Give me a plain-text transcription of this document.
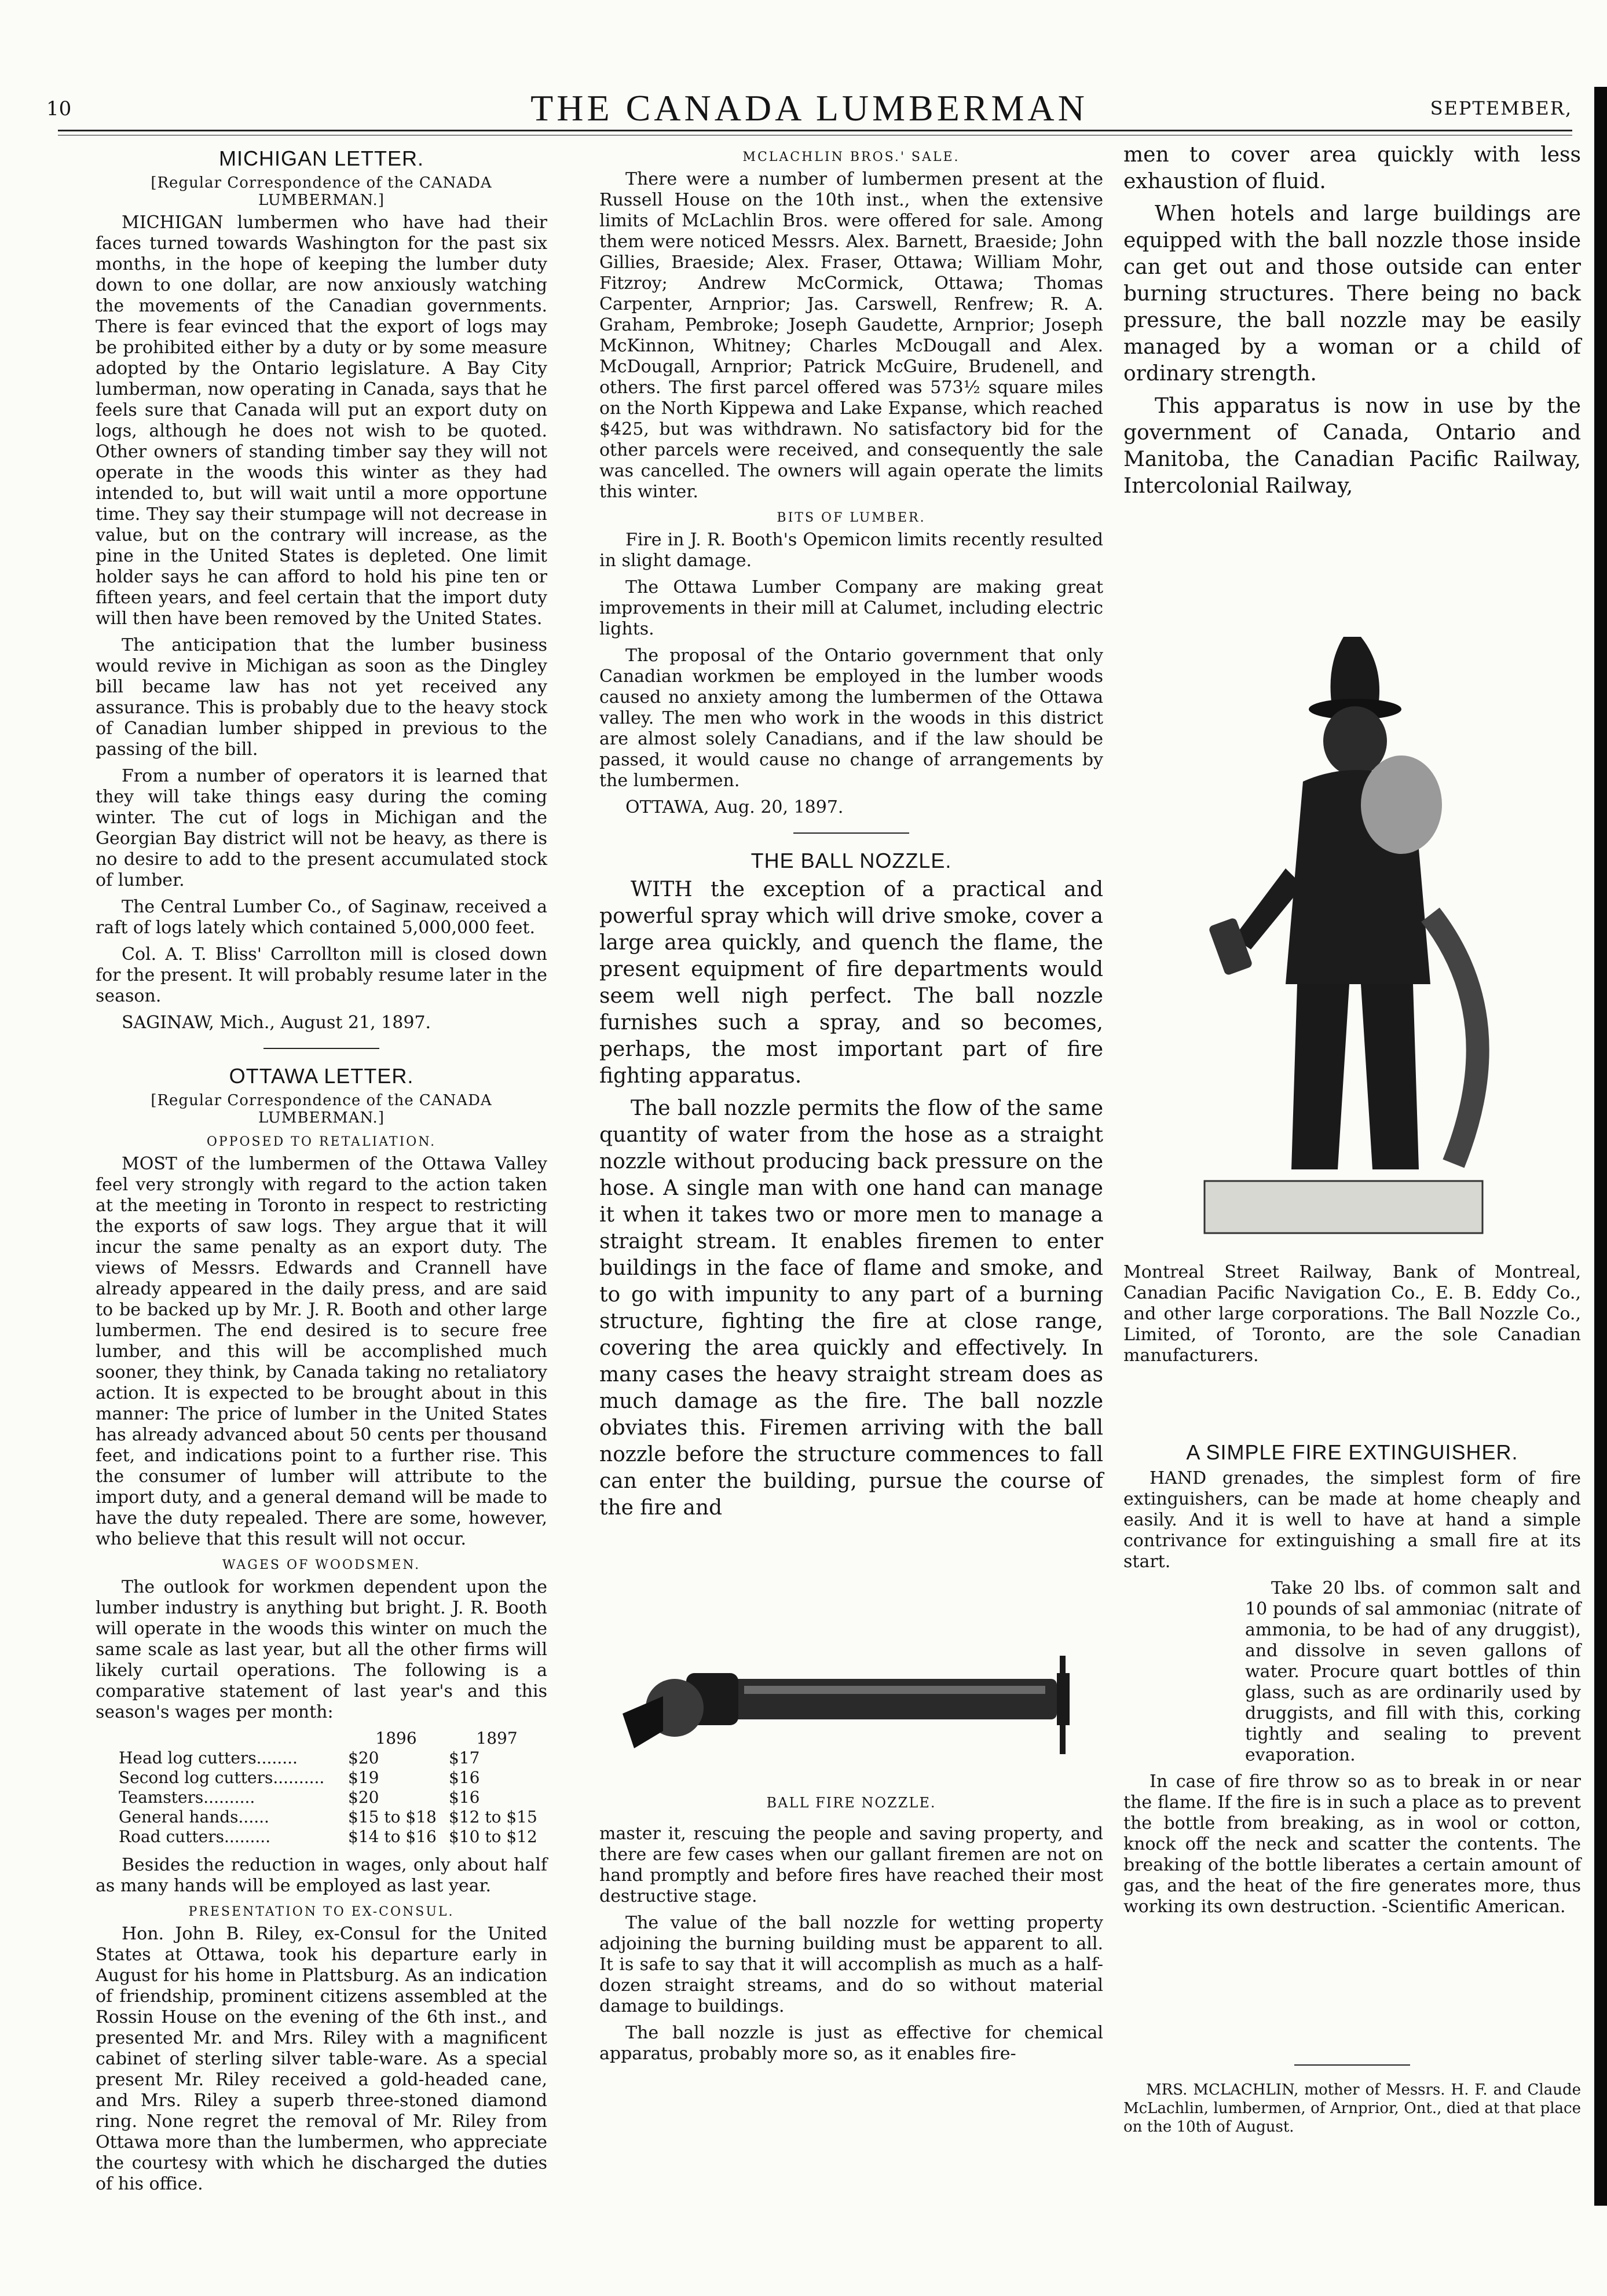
10	THE CANADA LUMBERMAN	SEPTEMBER,
MICHIGAN LETTER.
[Regular Correspondence of the CANADA LUMBERMAN.]

MICHIGAN lumbermen who have had their faces turned towards Washington for the past six months, in the hope of keeping the lumber duty down to one dollar, are now anxiously watching the movements of the Canadian governments. There is fear evinced that the export of logs may be prohibited either by a duty or by some measure adopted by the Ontario legislature. A Bay City lumberman, now operating in Canada, says that he feels sure that Canada will put an export duty on logs, although he does not wish to be quoted. Other owners of standing timber say they will not operate in the woods this winter as they had intended to, but will wait until a more opportune time. They say their stumpage will not decrease in value, but on the contrary will increase, as the pine in the United States is depleted. One limit holder says he can afford to hold his pine ten or fifteen years, and feel certain that the import duty will then have been removed by the United States.

The anticipation that the lumber business would revive in Michigan as soon as the Dingley bill became law has not yet received any assurance. This is probably due to the heavy stock of Canadian lumber shipped in previous to the passing of the bill.

From a number of operators it is learned that they will take things easy during the coming winter. The cut of logs in Michigan and the Georgian Bay district will not be heavy, as there is no desire to add to the present accumulated stock of lumber.

The Central Lumber Co., of Saginaw, received a raft of logs lately which contained 5,000,000 feet.

Col. A. T. Bliss' Carrollton mill is closed down for the present. It will probably resume later in the season.

SAGINAW, Mich., August 21, 1897.
OTTAWA LETTER.
[Regular Correspondence of the CANADA LUMBERMAN.]
OPPOSED TO RETALIATION.

MOST of the lumbermen of the Ottawa Valley feel very strongly with regard to the action taken at the meeting in Toronto in respect to restricting the exports of saw logs. They argue that it will incur the same penalty as an export duty. The views of Messrs. Edwards and Crannell have already appeared in the daily press, and are said to be backed up by Mr. J. R. Booth and other large lumbermen. The end desired is to secure free lumber, and this will be accomplished much sooner, they think, by Canada taking no retaliatory action. It is expected to be brought about in this manner: The price of lumber in the United States has already advanced about 50 cents per thousand feet, and indications point to a further rise. This the consumer of lumber will attribute to the import duty, and a general demand will be made to have the duty repealed. There are some, however, who believe that this result will not occur.

WAGES OF WOODSMEN.

The outlook for workmen dependent upon the lumber industry is anything but bright. J. R. Booth will operate in the woods this winter on much the same scale as last year, but all the other firms will likely curtail operations. The following is a comparative statement of last year's and this season's wages per month:

	1896	1897
Head log cutters........	$20	$17
Second log cutters..........	$19	$16
Teamsters..........	$20	$16
General hands......	$15 to $18	$12 to $15
Road cutters.........	$14 to $16	$10 to $12

Besides the reduction in wages, only about half as many hands will be employed as last year.

PRESENTATION TO EX-CONSUL.

Hon. John B. Riley, ex-Consul for the United States at Ottawa, took his departure early in August for his home in Plattsburg. As an indication of friendship, prominent citizens assembled at the Rossin House on the evening of the 6th inst., and presented Mr. and Mrs. Riley with a magnificent cabinet of sterling silver table-ware. As a special present Mr. Riley received a gold-headed cane, and Mrs. Riley a superb three-stoned diamond ring. None regret the removal of Mr. Riley from Ottawa more than the lumbermen, who appreciate the courtesy with which he discharged the duties of his office.

MCLACHLIN BROS.' SALE.

There were a number of lumbermen present at the Russell House on the 10th inst., when the extensive limits of McLachlin Bros. were offered for sale. Among them were noticed Messrs. Alex. Barnett, Braeside; John Gillies, Braeside; Alex. Fraser, Ottawa; William Mohr, Fitzroy; Andrew McCormick, Ottawa; Thomas Carpenter, Arnprior; Jas. Carswell, Renfrew; R. A. Graham, Pembroke; Joseph Gaudette, Arnprior; Joseph McKinnon, Whitney; Charles McDougall and Alex. McDougall, Arnprior; Patrick McGuire, Brudenell, and others. The first parcel offered was 573½ square miles on the North Kippewa and Lake Expanse, which reached $425, but was withdrawn. No satisfactory bid for the other parcels were received, and consequently the sale was cancelled. The owners will again operate the limits this winter.

BITS OF LUMBER.

Fire in J. R. Booth's Opemicon limits recently resulted in slight damage.

The Ottawa Lumber Company are making great improvements in their mill at Calumet, including electric lights.

The proposal of the Ontario government that only Canadian workmen be employed in the lumber woods caused no anxiety among the lumbermen of the Ottawa valley. The men who work in the woods in this district are almost solely Canadians, and if the law should be passed, it would cause no change of arrangements by the lumbermen.

OTTAWA, Aug. 20, 1897.
THE BALL NOZZLE.

WITH the exception of a practical and powerful spray which will drive smoke, cover a large area quickly, and quench the flame, the present equipment of fire departments would seem well nigh perfect. The ball nozzle furnishes such a spray, and so becomes, perhaps, the most important part of fire fighting apparatus.

The ball nozzle permits the flow of the same quantity of water from the hose as a straight nozzle without producing back pressure on the hose. A single man with one hand can manage it when it takes two or more men to manage a straight stream. It enables firemen to enter buildings in the face of flame and smoke, and to go with impunity to any part of a burning structure, fighting the fire at close range, covering the area quickly and effectively. In many cases the heavy straight stream does as much damage as the fire. The ball nozzle obviates this. Firemen arriving with the ball nozzle before the structure commences to fall can enter the building, pursue the course of the fire and

BALL FIRE NOZZLE.

master it, rescuing the people and saving property, and there are few cases when our gallant firemen are not on hand promptly and before fires have reached their most destructive stage.

The value of the ball nozzle for wetting property adjoining the burning building must be apparent to all. It is safe to say that it will accomplish as much as a half-dozen straight streams, and do so without material damage to buildings.

The ball nozzle is just as effective for chemical apparatus, probably more so, as it enables fire-

men to cover area quickly with less exhaustion of fluid.

When hotels and large buildings are equipped with the ball nozzle those inside can get out and those outside can enter burning structures. There being no back pressure, the ball nozzle may be easily managed by a woman or a child of ordinary strength.

This apparatus is now in use by the government of Canada, Ontario and Manitoba, the Canadian Pacific Railway, Intercolonial Railway,

Montreal Street Railway, Bank of Montreal, Canadian Pacific Navigation Co., E. B. Eddy Co., and other large corporations. The Ball Nozzle Co., Limited, of Toronto, are the sole Canadian manufacturers.

A SIMPLE FIRE EXTINGUISHER.

HAND grenades, the simplest form of fire extinguishers, can be made at home cheaply and easily. And it is well to have at hand a simple contrivance for extinguishing a small fire at its start.

Take 20 lbs. of common salt and 10 pounds of sal ammoniac (nitrate of ammonia, to be had of any druggist), and dissolve in seven gallons of water. Procure quart bottles of thin glass, such as are ordinarily used by druggists, and fill with this, corking tightly and sealing to prevent evaporation.

In case of fire throw so as to break in or near the flame. If the fire is in such a place as to prevent the bottle from breaking, as in wool or cotton, knock off the neck and scatter the contents. The breaking of the bottle liberates a certain amount of gas, and the heat of the fire generates more, thus working its own destruction. -Scientific American.

MRS. MCLACHLIN, mother of Messrs. H. F. and Claude McLachlin, lumbermen, of Arnprior, Ont., died at that place on the 10th of August.
